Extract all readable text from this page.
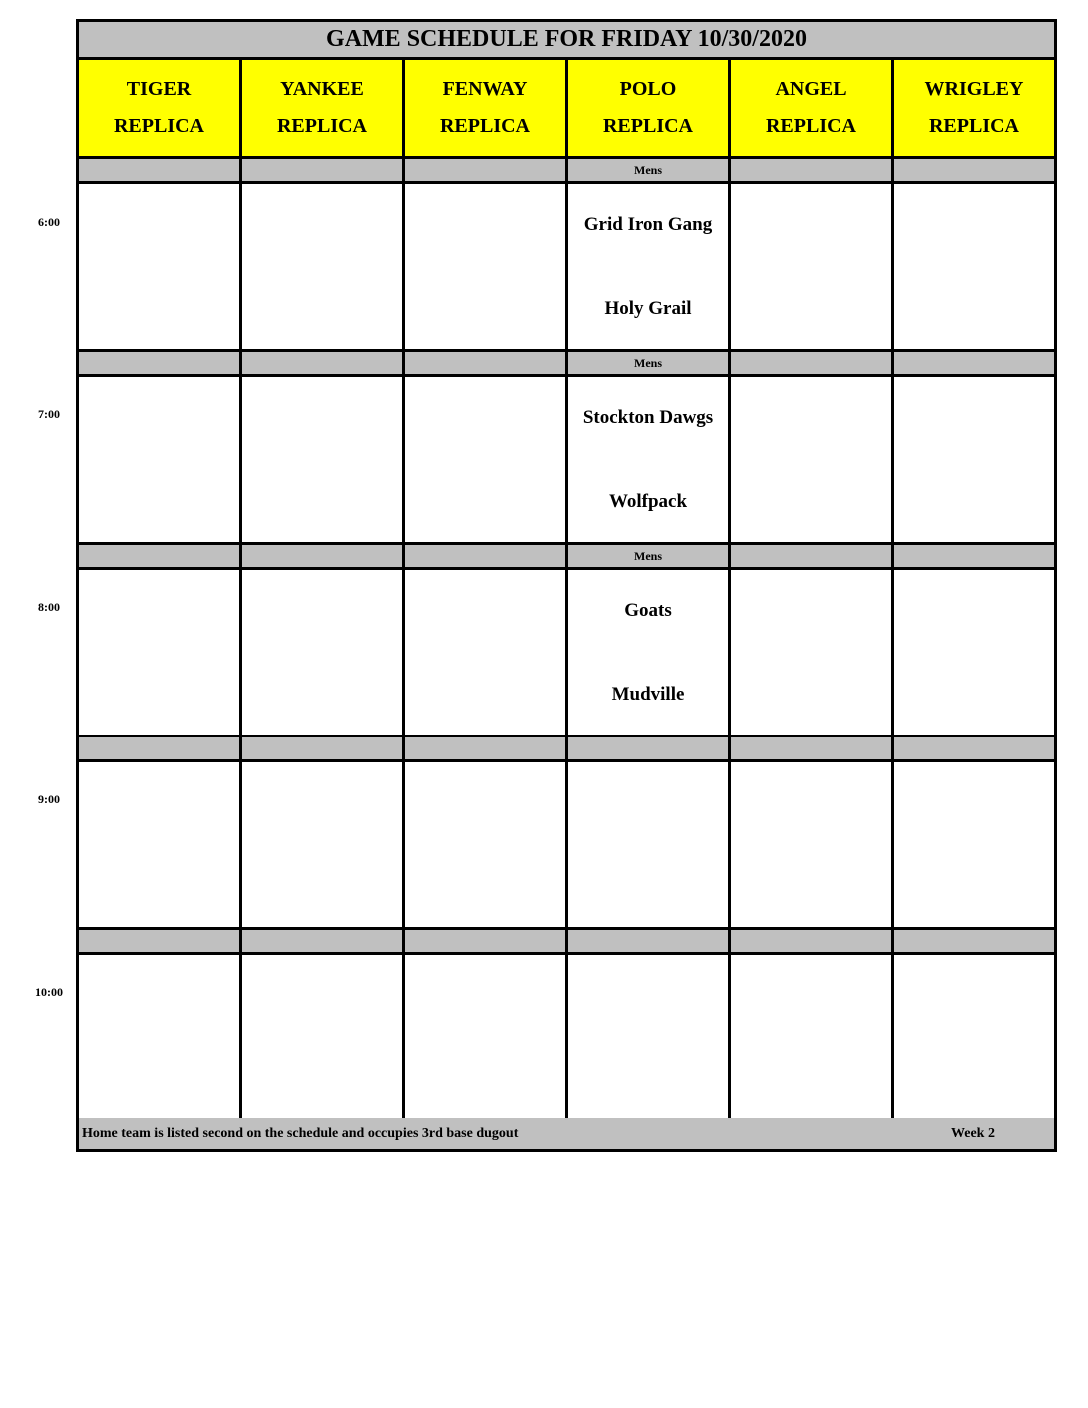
6:00
7:00
8:00
9:00
10:00
GAME SCHEDULE FOR FRIDAY 10/30/2020
TIGER
REPLICA
YANKEE
REPLICA
FENWAY
REPLICA
POLO
REPLICA
ANGEL
REPLICA
WRIGLEY
REPLICA
Mens
Grid Iron Gang
Holy Grail
Mens
Stockton Dawgs
Wolfpack
Mens
Goats
Mudville
Home team is listed second on the schedule and occupies 3rd base dugout	Week 2
